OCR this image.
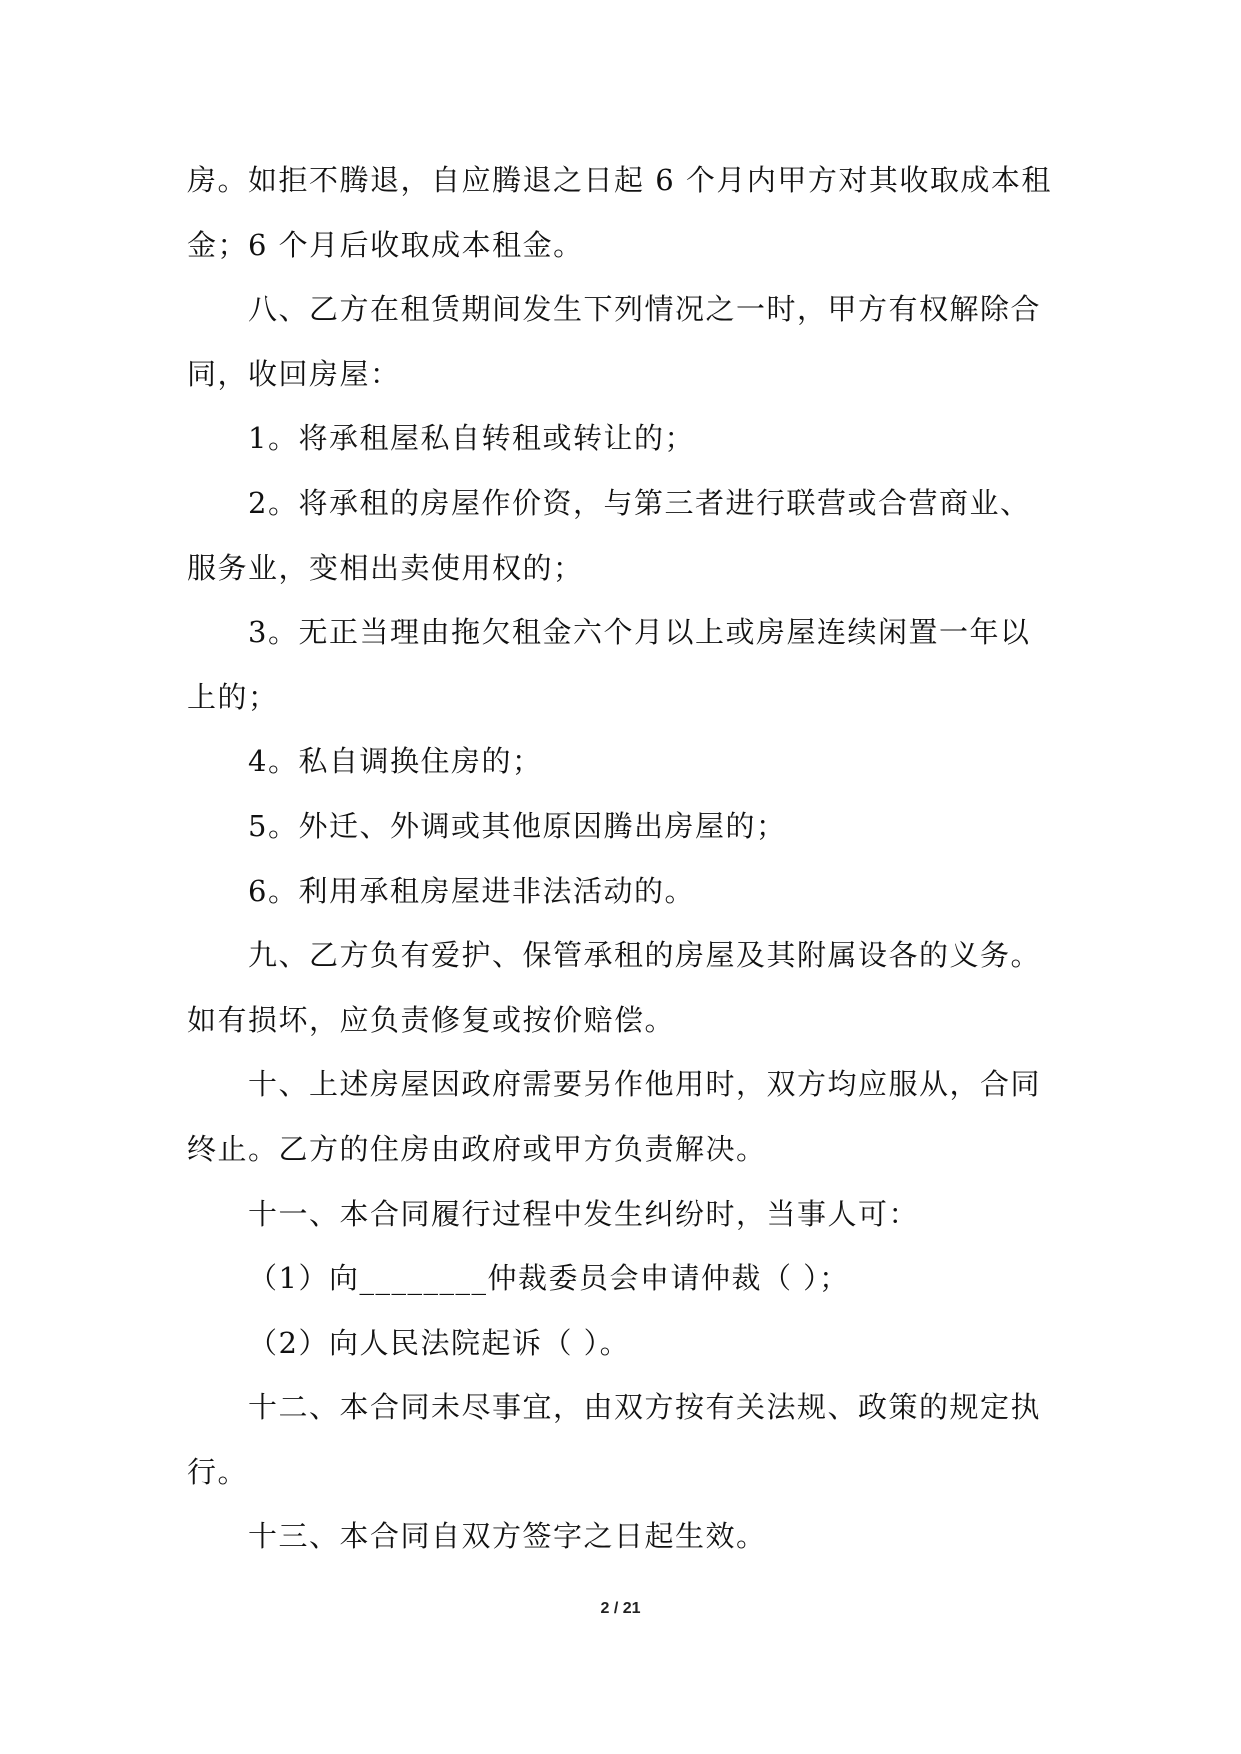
房。如拒不腾退，自应腾退之日起 6 个月内甲方对其收取成本租
金；6 个月后收取成本租金。
八、乙方在租赁期间发生下列情况之一时，甲方有权解除合
同，收回房屋：
1。将承租屋私自转租或转让的；
2。将承租的房屋作价资，与第三者进行联营或合营商业、
服务业，变相出卖使用权的；
3。无正当理由拖欠租金六个月以上或房屋连续闲置一年以
上的；
4。私自调换住房的；
5。外迁、外调或其他原因腾出房屋的；
6。利用承租房屋进非法活动的。
九、乙方负有爱护、保管承租的房屋及其附属设各的义务。
如有损坏，应负责修复或按价赔偿。
十、上述房屋因政府需要另作他用时，双方均应服从，合同
终止。乙方的住房由政府或甲方负责解决。
十一、本合同履行过程中发生纠纷时，当事人可：
（1）向________仲裁委员会申请仲裁（ ）；
（2）向人民法院起诉（ ）。
十二、本合同未尽事宜，由双方按有关法规、政策的规定执
行。
十三、本合同自双方签字之日起生效。
2 / 21
